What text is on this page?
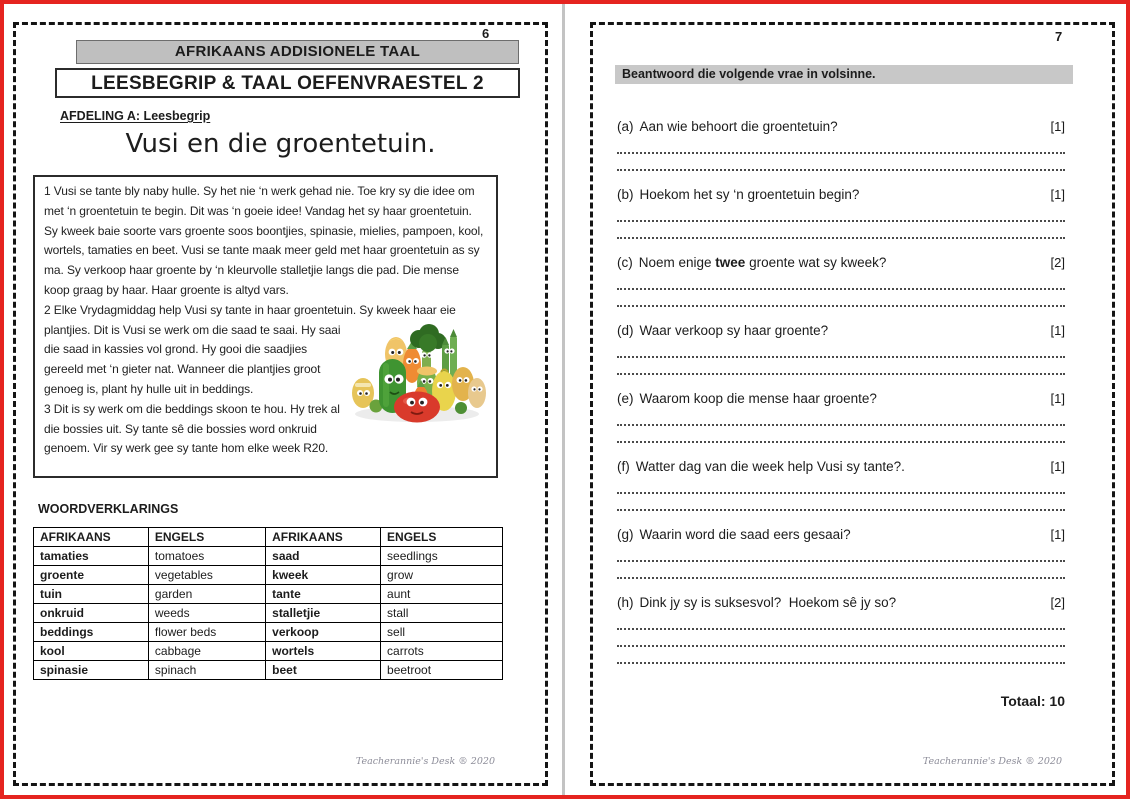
6
AFRIKAANS ADDISIONELE TAAL
LEESBEGRIP & TAAL OEFENVRAESTEL 2
AFDELING A: Leesbegrip
Vusi en die groentetuin.

1 Vusi se tante bly naby hulle. Sy het nie ‘n werk gehad nie. Toe kry sy die idee om met ‘n groentetuin te begin. Dit was ‘n goeie idee! Vandag het sy haar groentetuin. Sy kweek baie soorte vars groente soos boontjies, spinasie, mielies, pampoen, kool, wortels, tamaties en beet. Vusi se tante maak meer geld met haar groentetuin as sy ma. Sy verkoop haar groente by ‘n kleurvolle stalletjie langs die pad. Die mense koop graag by haar. Haar groente is altyd vars.

2 Elke Vrydagmiddag help Vusi sy tante in haar groentetuin. Sy kweek haar eie plantjies. Dit is Vusi se werk om die saad te saai. Hy saai die saad in kassies vol grond. Hy gooi die saadjies gereeld met ‘n gieter nat. Wanneer die plantjies groot genoeg is, plant hy hulle uit in beddings.

3 Dit is sy werk om die beddings skoon te hou. Hy trek al die bossies uit. Sy tante sê die bossies word onkruid genoem. Vir sy werk gee sy tante hom elke week R20.

WOORDVERKLARINGS
AFRIKAANS	ENGELS	AFRIKAANS	ENGELS
tamaties	tomatoes	saad	seedlings
groente	vegetables	kweek	grow
tuin	garden	tante	aunt
onkruid	weeds	stalletjie	stall
beddings	flower beds	verkoop	sell
kool	cabbage	wortels	carrots
spinasie	spinach	beet	beetroot
Teacherannie's Desk ® 2020
7
Beantwoord die volgende vrae in volsinne.
(a) Aan wie behoort die groentetuin?	[1]
(b) Hoekom het sy ‘n groentetuin begin?	[1]
(c) Noem enige twee groente wat sy kweek?	[2]
(d) Waar verkoop sy haar groente?	[1]
(e) Waarom koop die mense haar groente?	[1]
(f) Watter dag van die week help Vusi sy tante?.	[1]
(g) Waarin word die saad eers gesaai?	[1]
(h) Dink jy sy is suksesvol?  Hoekom sê jy so?	[2]
Totaal: 10
Teacherannie's Desk ® 2020
